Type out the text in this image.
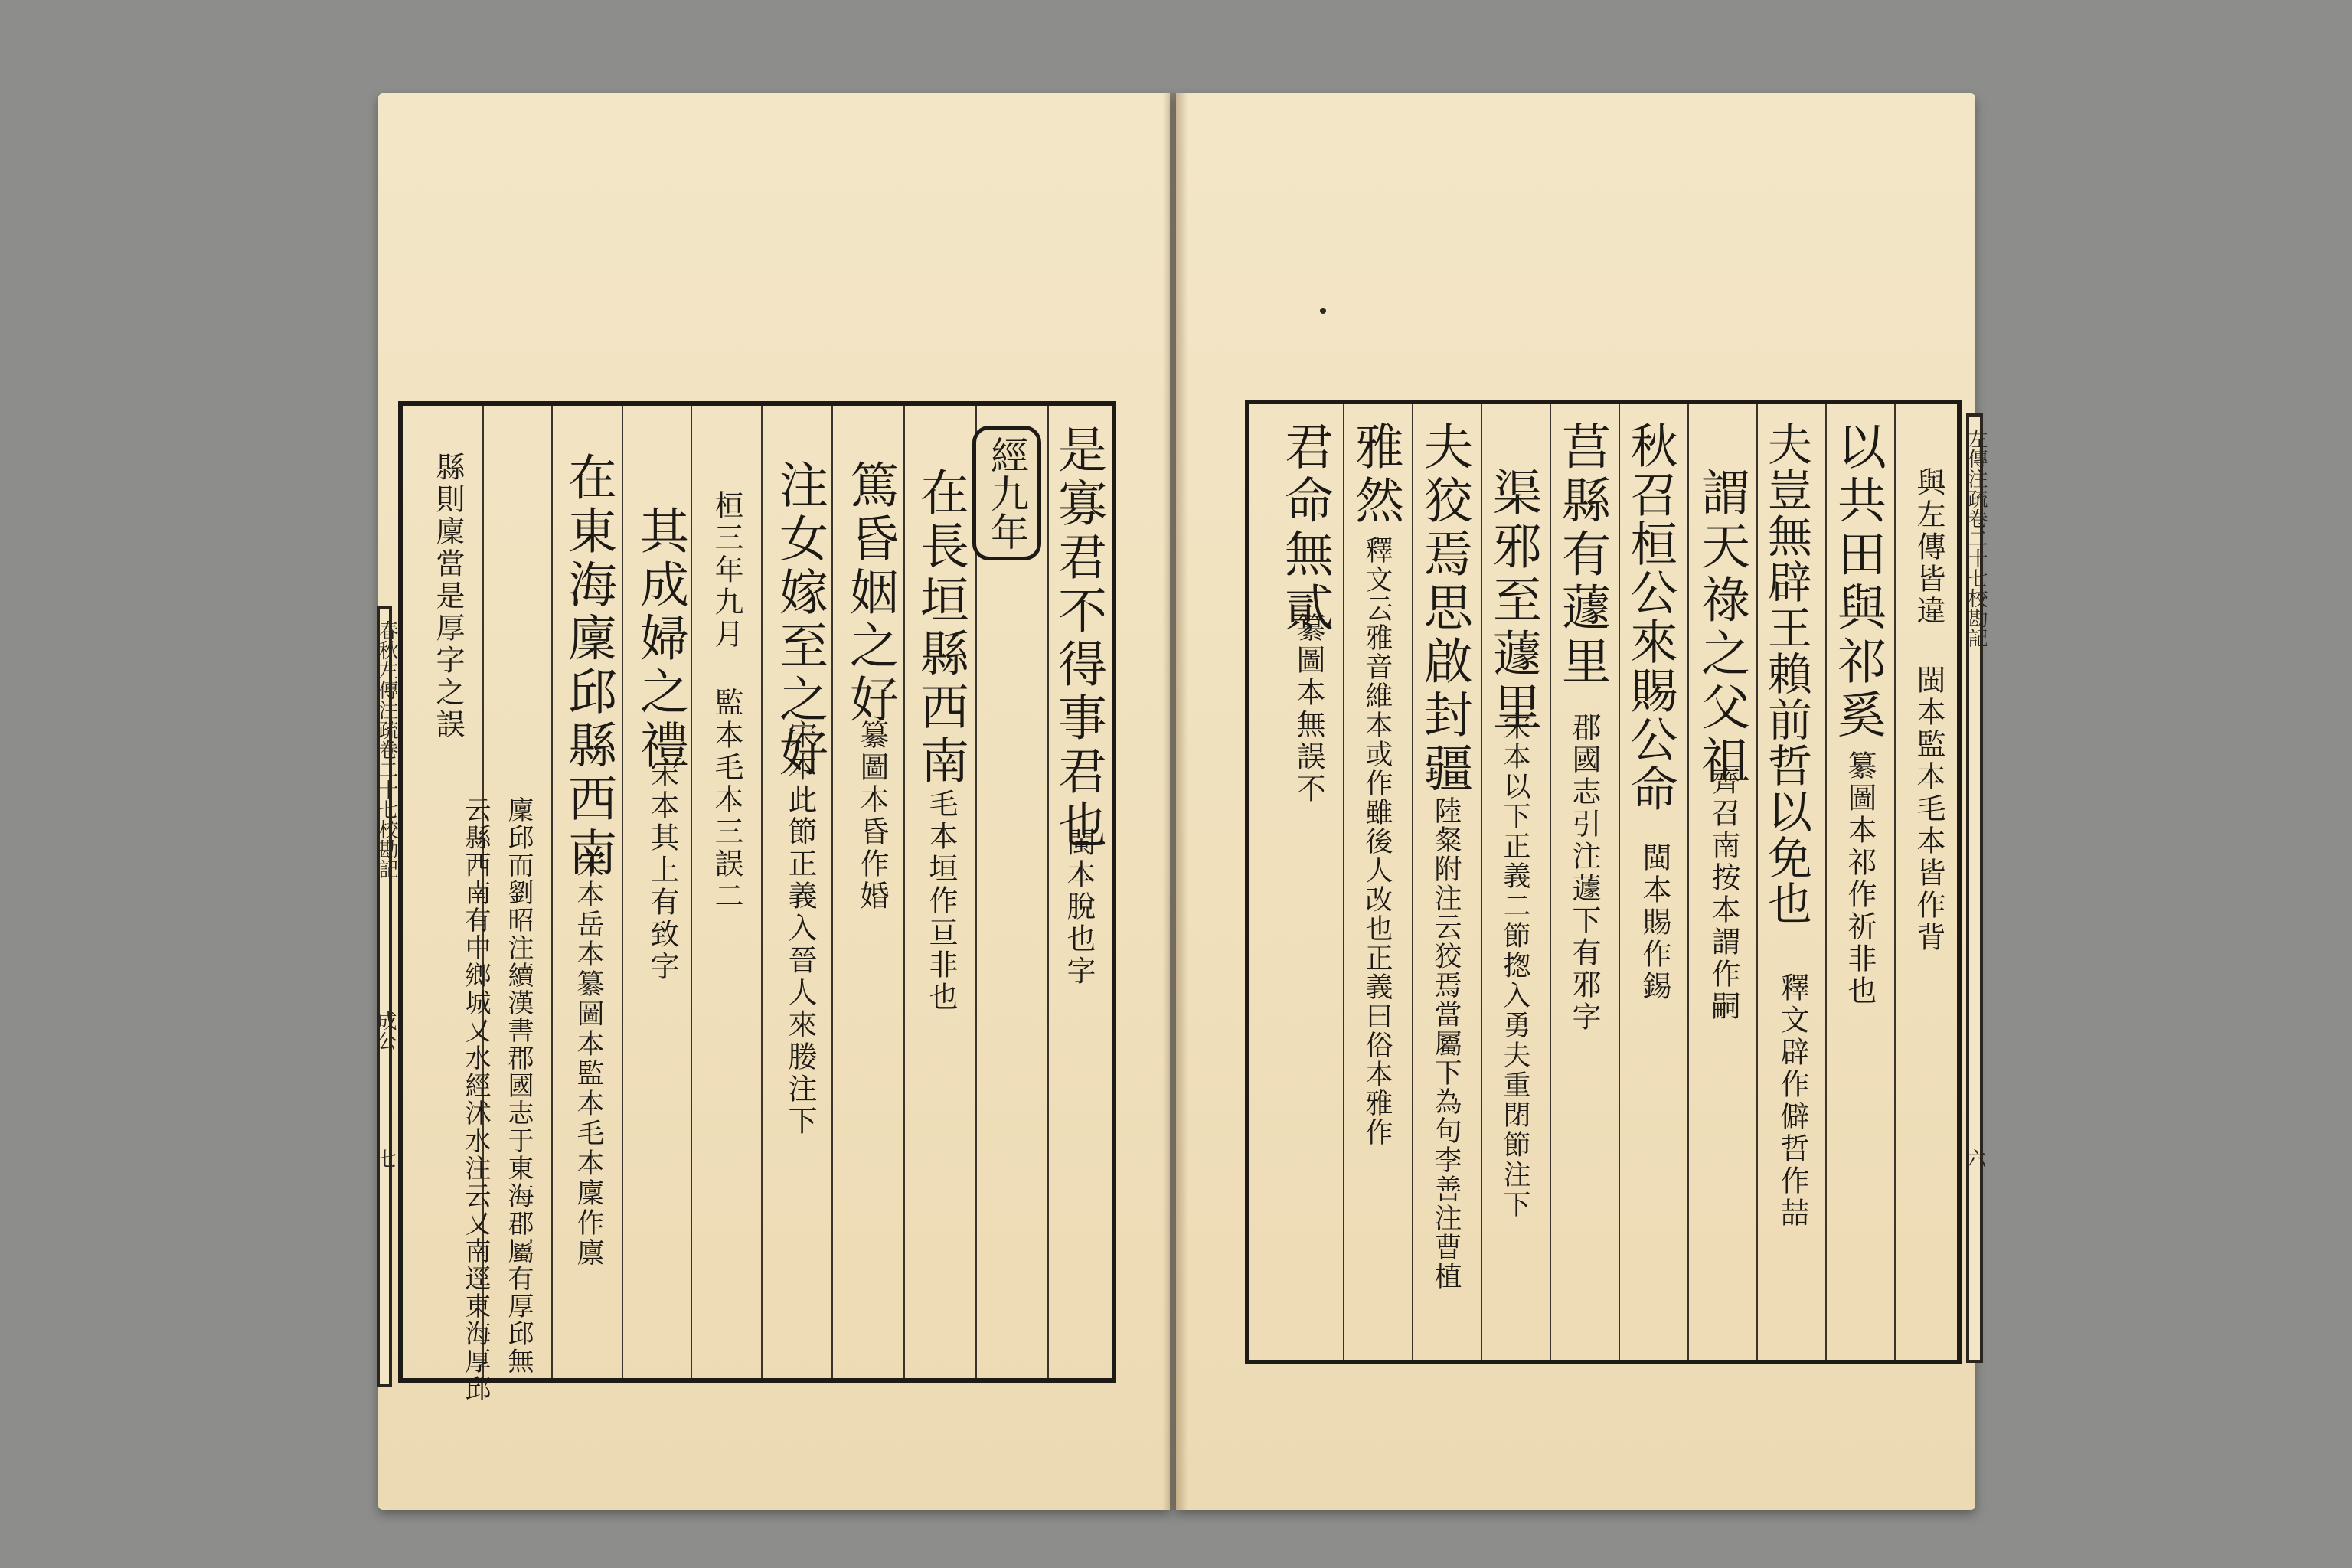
經九年 是寡君不得事君也
閩本脫也字
在長垣縣西南
毛本垣作亘非也
篤昏姻之好
纂圖本昏作婚
注女嫁至之好
宋本此節正義入晉人來媵注下
桓三年九月 監本毛本三誤二
其成婦之禮
宋本其上有致字
在東海廩邱縣西南
宋本岳本纂圖本監本毛本廩作廪
廩邱而劉昭注續漢書郡國志于東海郡屬有厚邱無
云縣西南有中鄉城又水經沭水注云又南逕東海厚邱
縣則廩當是厚字之誤
春秋左傳注疏卷二十七校勘記
成公
七
與左傳皆違 閩本監本毛本皆作背
以共田與祁奚
纂圖本祁作祈非也
夫豈無辟王賴前哲以免也
釋文辟作僻哲作喆
謂天祿之父祖
齊召南按本謂作嗣
秋召桓公來賜公命
閩本賜作錫
莒縣有蘧里
郡國志引注蘧下有邪字
渠邪至蘧里
宋本以下正義二節揔入勇夫重閉節注下
夫狡焉思啟封疆
陸粲附注云狡焉當屬下為句李善注曹植
雅然
釋文云雅音維本或作雖後人改也正義曰俗本雅作
君命無貳
纂圖本無誤不
左傳注疏卷二十七校勘記
六
